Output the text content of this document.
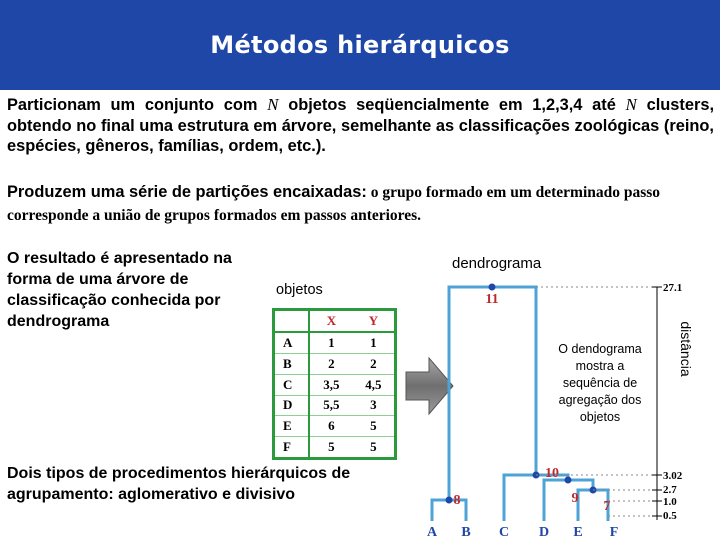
Métodos hierárquicos

Particionam um conjunto com N objetos seqüencialmente em 1,2,3,4 até N clusters, obtendo no final uma estrutura em árvore, semelhante as classificações zoológicas (reino, espécies, gêneros, famílias, ordem, etc.).

Produzem uma série de partições encaixadas: o grupo formado em um determinado passo corresponde a união de grupos formados em passos anteriores.

O resultado é apresentado na forma de uma árvore de classificação conhecida por dendrograma

objetos
dendrograma
	X	Y
A	1	1
B	2	2
C	3,5	4,5
D	5,5	3
E	6	5
F	5	5

Dois tipos de procedimentos hierárquicos de agrupamento: aglomerativo e divisivo

11
10
9
8	7
A B C D E F
27.1
3.02
2.7
1.0
0.5
O dendograma mostra a sequência de agregação dos objetos
distância
